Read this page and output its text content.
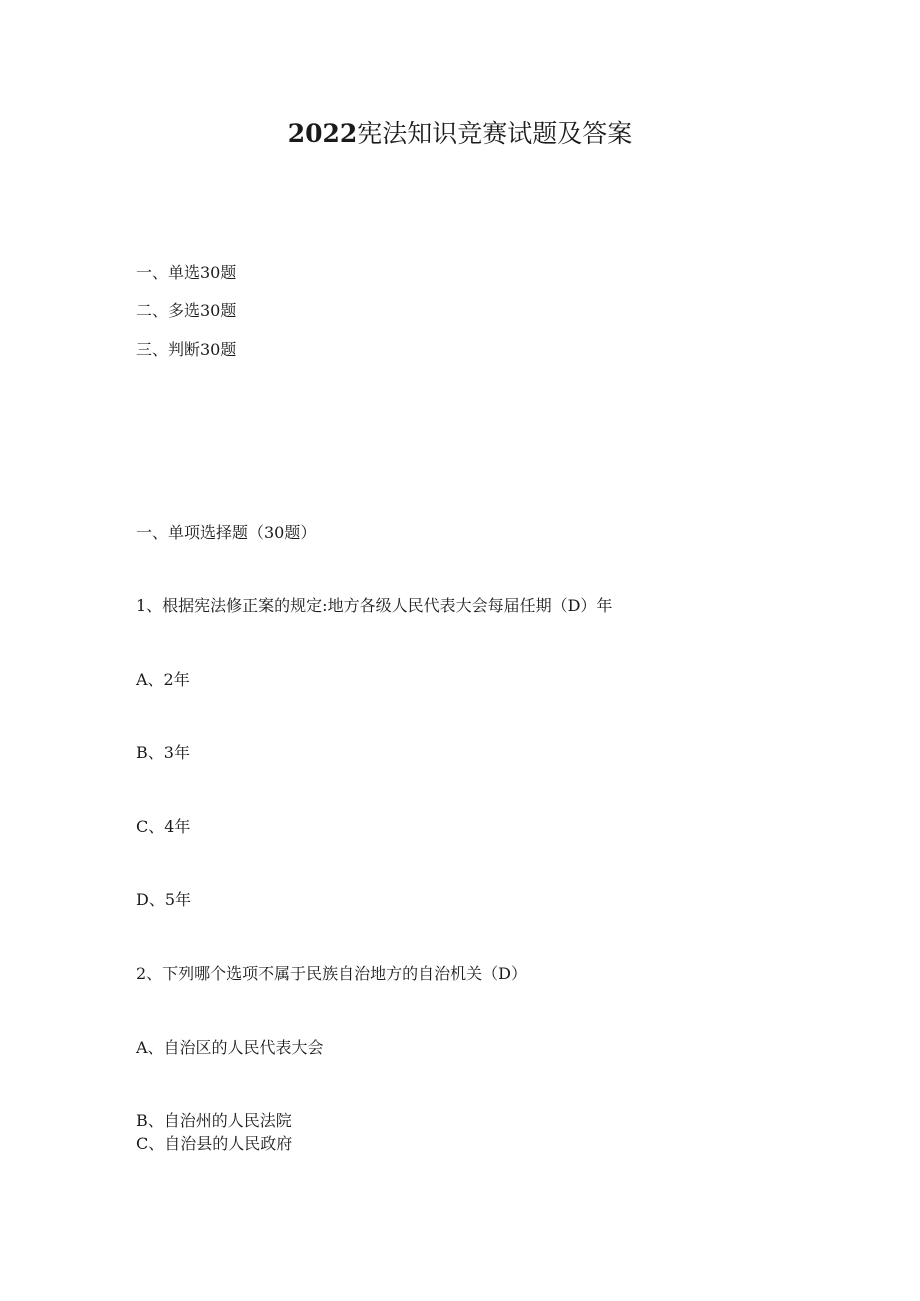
2022宪法知识竞赛试题及答案
一、单选30题
二、多选30题
三、判断30题
一、单项选择题（30题）
1、根据宪法修正案的规定:地方各级人民代表大会每届任期（D）年
A、2年
B、3年
C、4年
D、5年
2、下列哪个选项不属于民族自治地方的自治机关（D）
A、自治区的人民代表大会
B、自治州的人民法院
C、自治县的人民政府
